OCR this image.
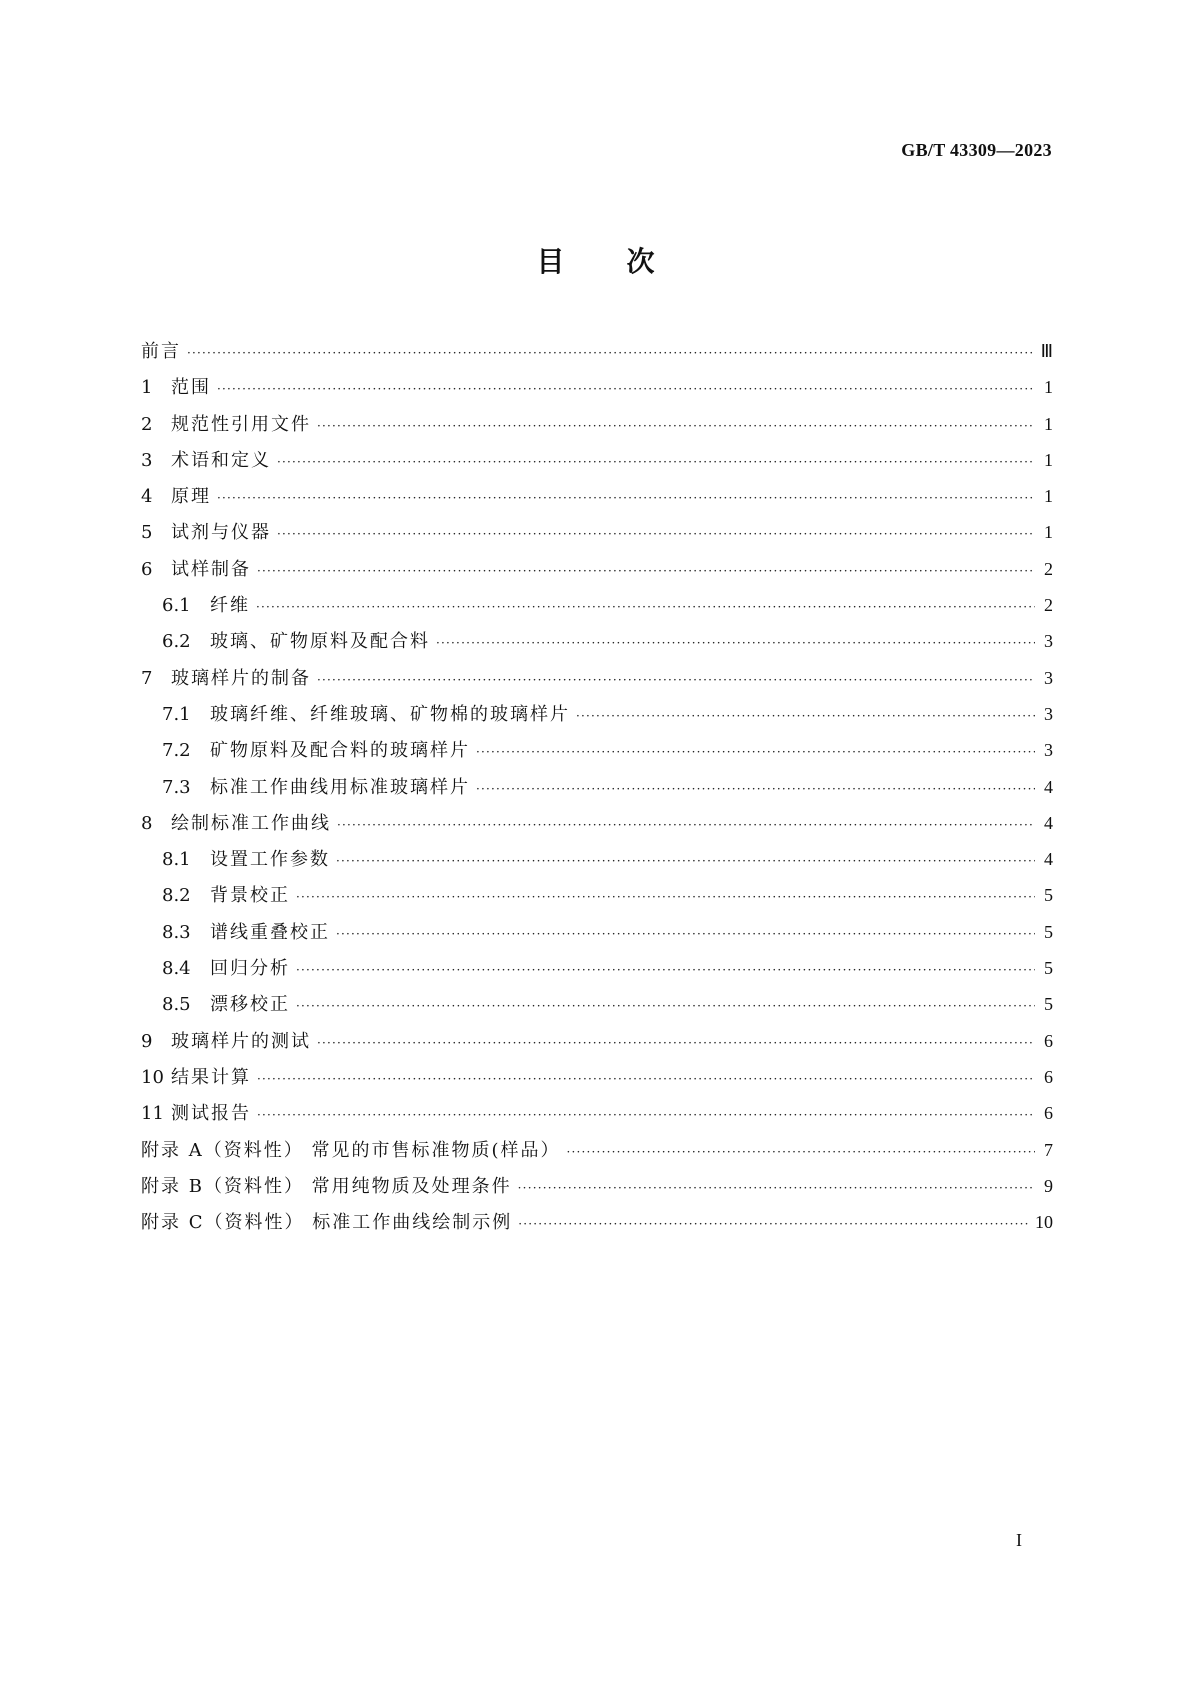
GB/T 43309—2023
目次
前言 ·····	Ⅲ
1	范围 ·····	1
2	规范性引用文件 ·····	1
3	术语和定义 ·····	1
4	原理 ·····	1
5	试剂与仪器 ·····	1
6	试样制备 ·····	2
6.1	纤维 ·····	2
6.2	玻璃、矿物原料及配合料 ·····	3
7	玻璃样片的制备 ·····	3
7.1	玻璃纤维、纤维玻璃、矿物棉的玻璃样片 ·····	3
7.2	矿物原料及配合料的玻璃样片 ·····	3
7.3	标准工作曲线用标准玻璃样片 ·····	4
8	绘制标准工作曲线 ·····	4
8.1	设置工作参数 ·····	4
8.2	背景校正 ·····	5
8.3	谱线重叠校正 ·····	5
8.4	回归分析 ·····	5
8.5	漂移校正 ·····	5
9	玻璃样片的测试 ·····	6
10 结果计算 ·····	6
11 测试报告 ·····	6
附录 A（资料性） 常见的市售标准物质(样品） ·····	7
附录 B（资料性） 常用纯物质及处理条件 ·····	9
附录 C（资料性） 标准工作曲线绘制示例 ·····	10
I
